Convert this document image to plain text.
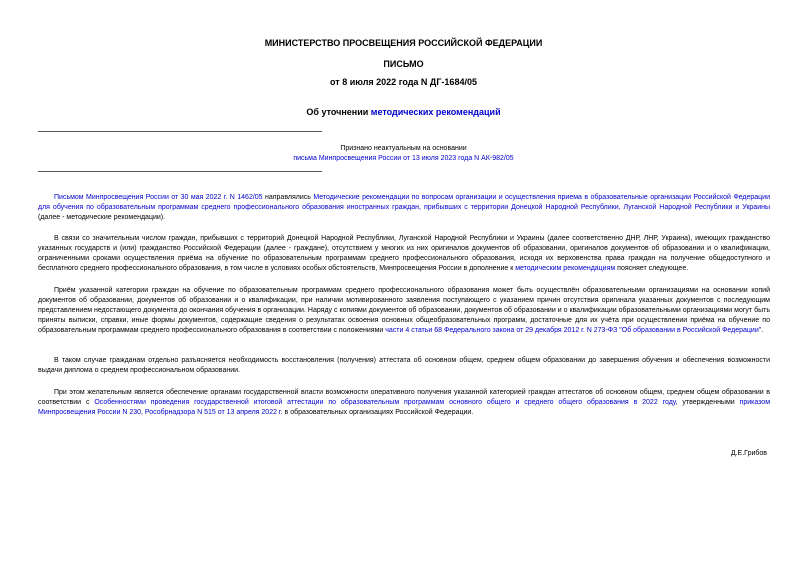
МИНИСТЕРСТВО ПРОСВЕЩЕНИЯ РОССИЙСКОЙ ФЕДЕРАЦИИ
ПИСЬМО
от 8 июля 2022 года N ДГ-1684/05
Об уточнении методических рекомендаций
Признано неактуальным на основании
письма Минпросвещения России от 13 июля 2023 года N АК-982/05
Письмом Минпросвещения России от 30 мая 2022 г. N 1462/05 направлялись Методические рекомендации по вопросам организации и осуществления приема в образовательные организации Российской Федерации для обучения по образовательным программам среднего профессионального образования иностранных граждан, прибывших с территории Донецкой Народной Республики, Луганской Народной Республики и Украины (далее - методические рекомендации).
В связи со значительным числом граждан, прибывших с территорий Донецкой Народной Республики, Луганской Народной Республики и Украины (далее соответственно ДНР, ЛНР, Украина), имеющих гражданство указанных государств и (или) гражданство Российской Федерации (далее - граждане), отсутствием у многих из них оригиналов документов об образовании, оригиналов документов об образовании и о квалификации, ограниченными сроками осуществления приёма на обучение по образовательным программам среднего профессионального образования, исходя их верховенства права граждан на получение общедоступного и бесплатного среднего профессионального образования, в том числе в условиях особых обстоятельств, Минпросвещения России в дополнение к методическим рекомендациям поясняет следующее.
Приём указанной категории граждан на обучение по образовательным программам среднего профессионального образования может быть осуществлён образовательными организациями на основании копий документов об образовании, документов об образовании и о квалификации, при наличии мотивированного заявления поступающего с указанием причин отсутствия оригинала указанных документов с последующим представлением недостающего документа до окончания обучения в организации. Наряду с копиями документов об образовании, документов об образовании и о квалификации образовательными организациями могут быть приняты выписки, справки, иные формы документов, содержащие сведения о результатах освоения основных общеобразовательных программ, достаточные для их учёта при осуществлении приёма на обучение по образовательным программам среднего профессионального образования в соответствии с положениями части 4 статьи 68 Федерального закона от 29 декабря 2012 г. N 273-ФЗ "Об образовании в Российской Федерации".
В таком случае гражданам отдельно разъясняется необходимость восстановления (получения) аттестата об основном общем, среднем общем образовании до завершения обучения и обеспечения возможности выдачи диплома о среднем профессиональном образовании.
При этом желательным является обеспечение органами государственной власти возможности оперативного получения указанной категорией граждан аттестатов об основном общем, среднем общем образовании в соответствии с Особенностями проведения государственной итоговой аттестации по образовательным программам основного общего и среднего общего образования в 2022 году, утвержденными приказом Минпросвещения России N 230, Рособрнадзора N 515 от 13 апреля 2022 г. в образовательных организациях Российской Федерации.
Д.Е.Грибов
